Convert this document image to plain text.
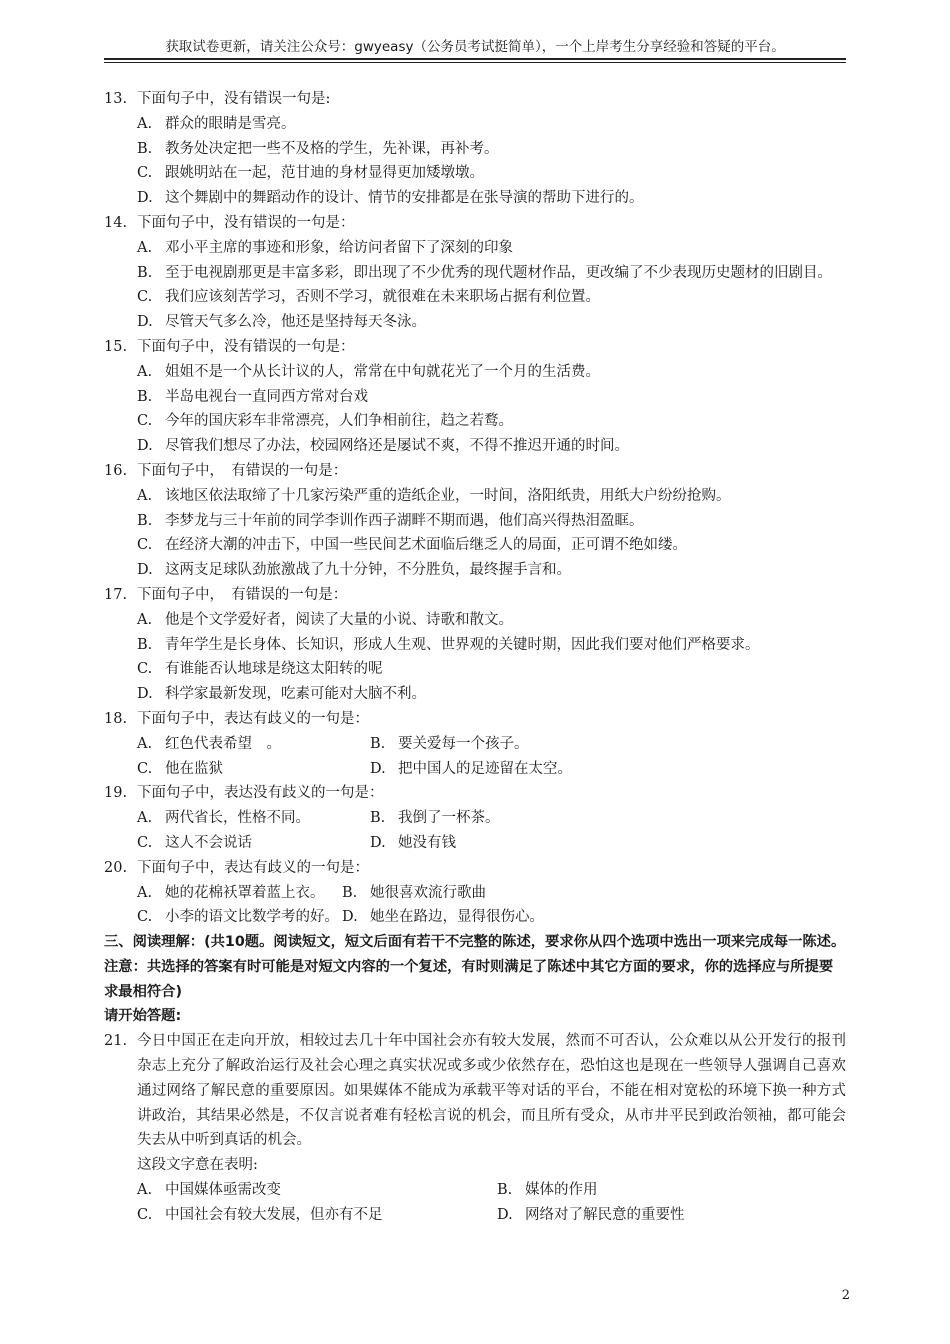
获取试卷更新，请关注公众号：gwyeasy（公务员考试挺简单），一个上岸考生分享经验和答疑的平台。
13. 下面句子中，没有错误一句是:
A. 群众的眼睛是雪亮。
B. 教务处决定把一些不及格的学生，先补课，再补考。
C. 跟姚明站在一起，范甘迪的身材显得更加矮墩墩。
D. 这个舞剧中的舞蹈动作的设计、情节的安排都是在张导演的帮助下进行的。
14. 下面句子中，没有错误的一句是：
A. 邓小平主席的事迹和形象，给访问者留下了深刻的印象
B. 至于电视剧那更是丰富多彩，即出现了不少优秀的现代题材作品，更改编了不少表现历史题材的旧剧目。
C. 我们应该刻苦学习，否则不学习，就很难在未来职场占据有利位置。
D. 尽管天气多么冷，他还是坚持每天冬泳。
15. 下面句子中，没有错误的一句是：
A. 姐姐不是一个从长计议的人，常常在中旬就花光了一个月的生活费。
B. 半岛电视台一直同西方常对台戏
C. 今年的国庆彩车非常漂亮，人们争相前往，趋之若鹜。
D. 尽管我们想尽了办法，校园网络还是屡试不爽，不得不推迟开通的时间。
16. 下面句子中，　有错误的一句是：
A. 该地区依法取缔了十几家污染严重的造纸企业，一时间，洛阳纸贵，用纸大户纷纷抢购。
B. 李梦龙与三十年前的同学李训作西子湖畔不期而遇，他们高兴得热泪盈眶。
C. 在经济大潮的冲击下，中国一些民间艺术面临后继乏人的局面，正可谓不绝如缕。
D. 这两支足球队劲旅激战了九十分钟，不分胜负，最终握手言和。
17. 下面句子中，　有错误的一句是：
A. 他是个文学爱好者，阅读了大量的小说、诗歌和散文。
B. 青年学生是长身体、长知识，形成人生观、世界观的关键时期，因此我们要对他们严格要求。
C. 有谁能否认地球是绕这太阳转的呢
D. 科学家最新发现，吃素可能对大脑不利。
18. 下面句子中，表达有歧义的一句是：
A. 红色代表希望　。	B. 要关爱每一个孩子。
C. 他在监狱	D. 把中国人的足迹留在太空。
19. 下面句子中，表达没有歧义的一句是：
A. 两代省长，性格不同。	B. 我倒了一杯茶。
C. 这人不会说话	D. 她没有钱
20. 下面句子中，表达有歧义的一句是：
A. 她的花棉袄罩着蓝上衣。 B. 她很喜欢流行歌曲
C. 小李的语文比数学考的好。 D. 她坐在路边，显得很伤心。
三、阅读理解：(共10题。阅读短文，短文后面有若干不完整的陈述，要求你从四个选项中选出一项来完成每一陈述。注意：共选择的答案有时可能是对短文内容的一个复述，有时则满足了陈述中其它方面的要求，你的选择应与所提要求最相符合)
请开始答题:
21. 今日中国正在走向开放，相较过去几十年中国社会亦有较大发展，然而不可否认，公众难以从公开发行的报刊杂志上充分了解政治运行及社会心理之真实状况或多或少依然存在，恐怕这也是现在一些领导人强调自己喜欢通过网络了解民意的重要原因。如果媒体不能成为承载平等对话的平台，不能在相对宽松的环境下换一种方式讲政治，其结果必然是，不仅言说者难有轻松言说的机会，而且所有受众，从市井平民到政治领袖，都可能会失去从中听到真话的机会。
这段文字意在表明:
A. 中国媒体亟需改变	B. 媒体的作用
C. 中国社会有较大发展，但亦有不足	D. 网络对了解民意的重要性
2
